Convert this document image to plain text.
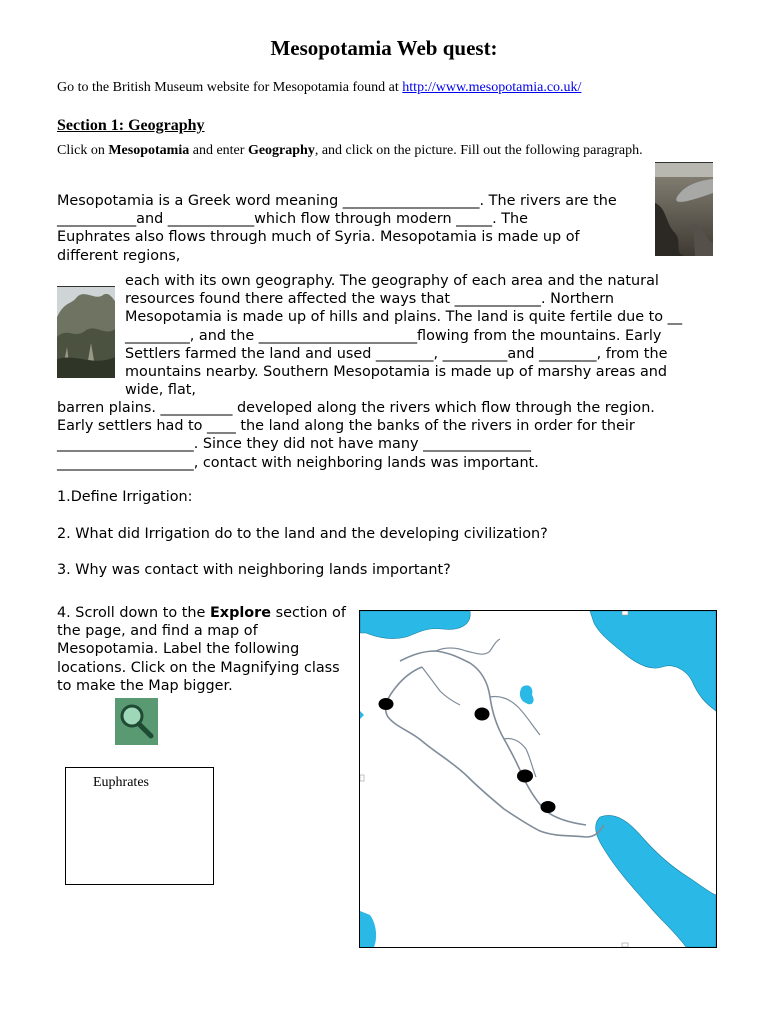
Mesopotamia Web quest:
Go to the British Museum website for Mesopotamia found at http://www.mesopotamia.co.uk/
Section 1: Geography
Click on Mesopotamia and enter Geography, and click on the picture. Fill out the following paragraph.

Mesopotamia is a Greek word meaning ___________________. The rivers are the

___________and ____________which flow through modern _____. The

Euphrates also flows through much of Syria. Mesopotamia is made up of

different regions,

each with its own geography. The geography of each area and the natural

resources found there affected the ways that ____________. Northern

Mesopotamia is made up of hills and plains. The land is quite fertile due to __

_________, and the ______________________flowing from the mountains. Early

Settlers farmed the land and used ________, _________and ________, from the

mountains nearby. Southern Mesopotamia is made up of marshy areas and

wide, flat,

barren plains. __________ developed along the rivers which flow through the region.

Early settlers had to ____ the land along the banks of the rivers in order for their

___________________. Since they did not have many _______________

___________________, contact with neighboring lands was important.

1.Define Irrigation:
2. What did Irrigation do to the land and the developing civilization?
3. Why was contact with neighboring lands important?
4. Scroll down to the Explore section of the page, and find a map of Mesopotamia. Label the following locations. Click on the Magnifying class to make the Map bigger.
Euphrates
